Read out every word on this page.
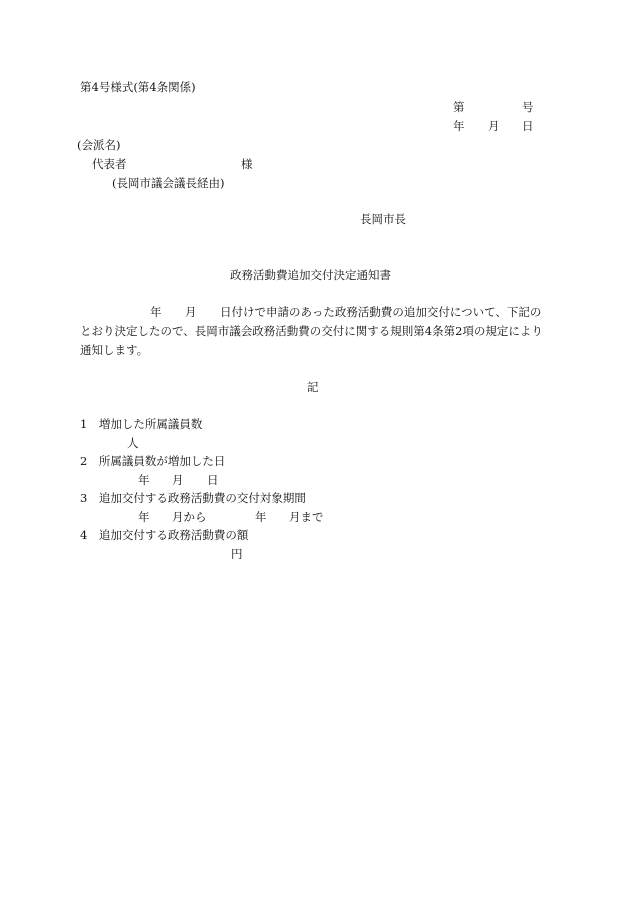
第4号様式(第4条関係)
第	号
年 月 日
(会派名)
代表者	様
(長岡市議会議長経由)
長岡市長
政務活動費追加交付決定通知書
年 月 日付けで申請のあった政務活動費の追加交付について、下記の
とおり決定したので、長岡市議会政務活動費の交付に関する規則第4条第2項の規定により
通知します。
記
1　増加した所属議員数
人
2　所属議員数が増加した日
年 月 日
3　追加交付する政務活動費の交付対象期間
年 月から	年 月まで
4　追加交付する政務活動費の額
円
